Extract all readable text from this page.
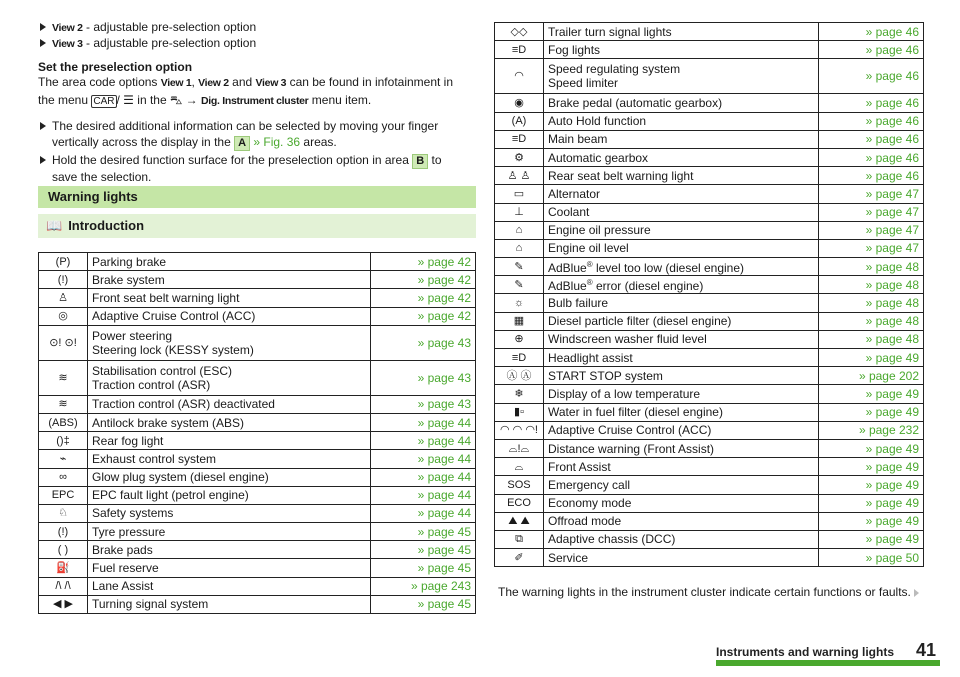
View 2 - adjustable pre-selection option
View 3 - adjustable pre-selection option
Set the preselection option
The area code options View 1, View 2 and View 3 can be found in infotainment in
the menu CAR / ☰ in the ⛍ → Dig. Instrument cluster menu item.
The desired additional information can be selected by moving your finger
vertically across the display in the A » Fig. 36 areas.
Hold the desired function surface for the preselection option in area B to
save the selection.
Warning lights
📖 Introduction
(P)	Parking brake	» page 42
(!)	Brake system	» page 42
♙	Front seat belt warning light	» page 42
◎	Adaptive Cruise Control (ACC)	» page 42
⊙! ⊙!	Power steering
Steering lock (KESSY system)	» page 43
≋	Stabilisation control (ESC)
Traction control (ASR)	» page 43
≋	Traction control (ASR) deactivated	» page 43
(ABS)	Antilock brake system (ABS)	» page 44
()‡	Rear fog light	» page 44
⌁	Exhaust control system	» page 44
∞	Glow plug system (diesel engine)	» page 44
EPC	EPC fault light (petrol engine)	» page 44
♘	Safety systems	» page 44
(!)	Tyre pressure	» page 45
( )	Brake pads	» page 45
⛽	Fuel reserve	» page 45
/\ /\	Lane Assist	» page 243
◀ ▶	Turning signal system	» page 45
◇◇	Trailer turn signal lights	» page 46
≡D	Fog lights	» page 46
◠	Speed regulating system
Speed limiter	» page 46
◉	Brake pedal (automatic gearbox)	» page 46
(A)	Auto Hold function	» page 46
≡D	Main beam	» page 46
⚙	Automatic gearbox	» page 46
♙ ♙	Rear seat belt warning light	» page 46
▭	Alternator	» page 47
⊥	Coolant	» page 47
⌂	Engine oil pressure	» page 47
⌂	Engine oil level	» page 47
✎	AdBlue® level too low (diesel engine)	» page 48
✎	AdBlue® error (diesel engine)	» page 48
☼	Bulb failure	» page 48
▦	Diesel particle filter (diesel engine)	» page 48
⊕	Windscreen washer fluid level	» page 48
≡D	Headlight assist	» page 49
Ⓐ Ⓐ	START STOP system	» page 202
❄	Display of a low temperature	» page 49
▮▫	Water in fuel filter (diesel engine)	» page 49
◠ ◠ ◠!	Adaptive Cruise Control (ACC)	» page 232
⌓!⌓	Distance warning (Front Assist)	» page 49
⌓	Front Assist	» page 49
SOS	Emergency call	» page 49
ECO	Economy mode	» page 49
⛰ ⛰	Offroad mode	» page 49
⧉	Adaptive chassis (DCC)	» page 49
✐	Service	» page 50
The warning lights in the instrument cluster indicate certain functions or faults.
Instruments and warning lights 41
